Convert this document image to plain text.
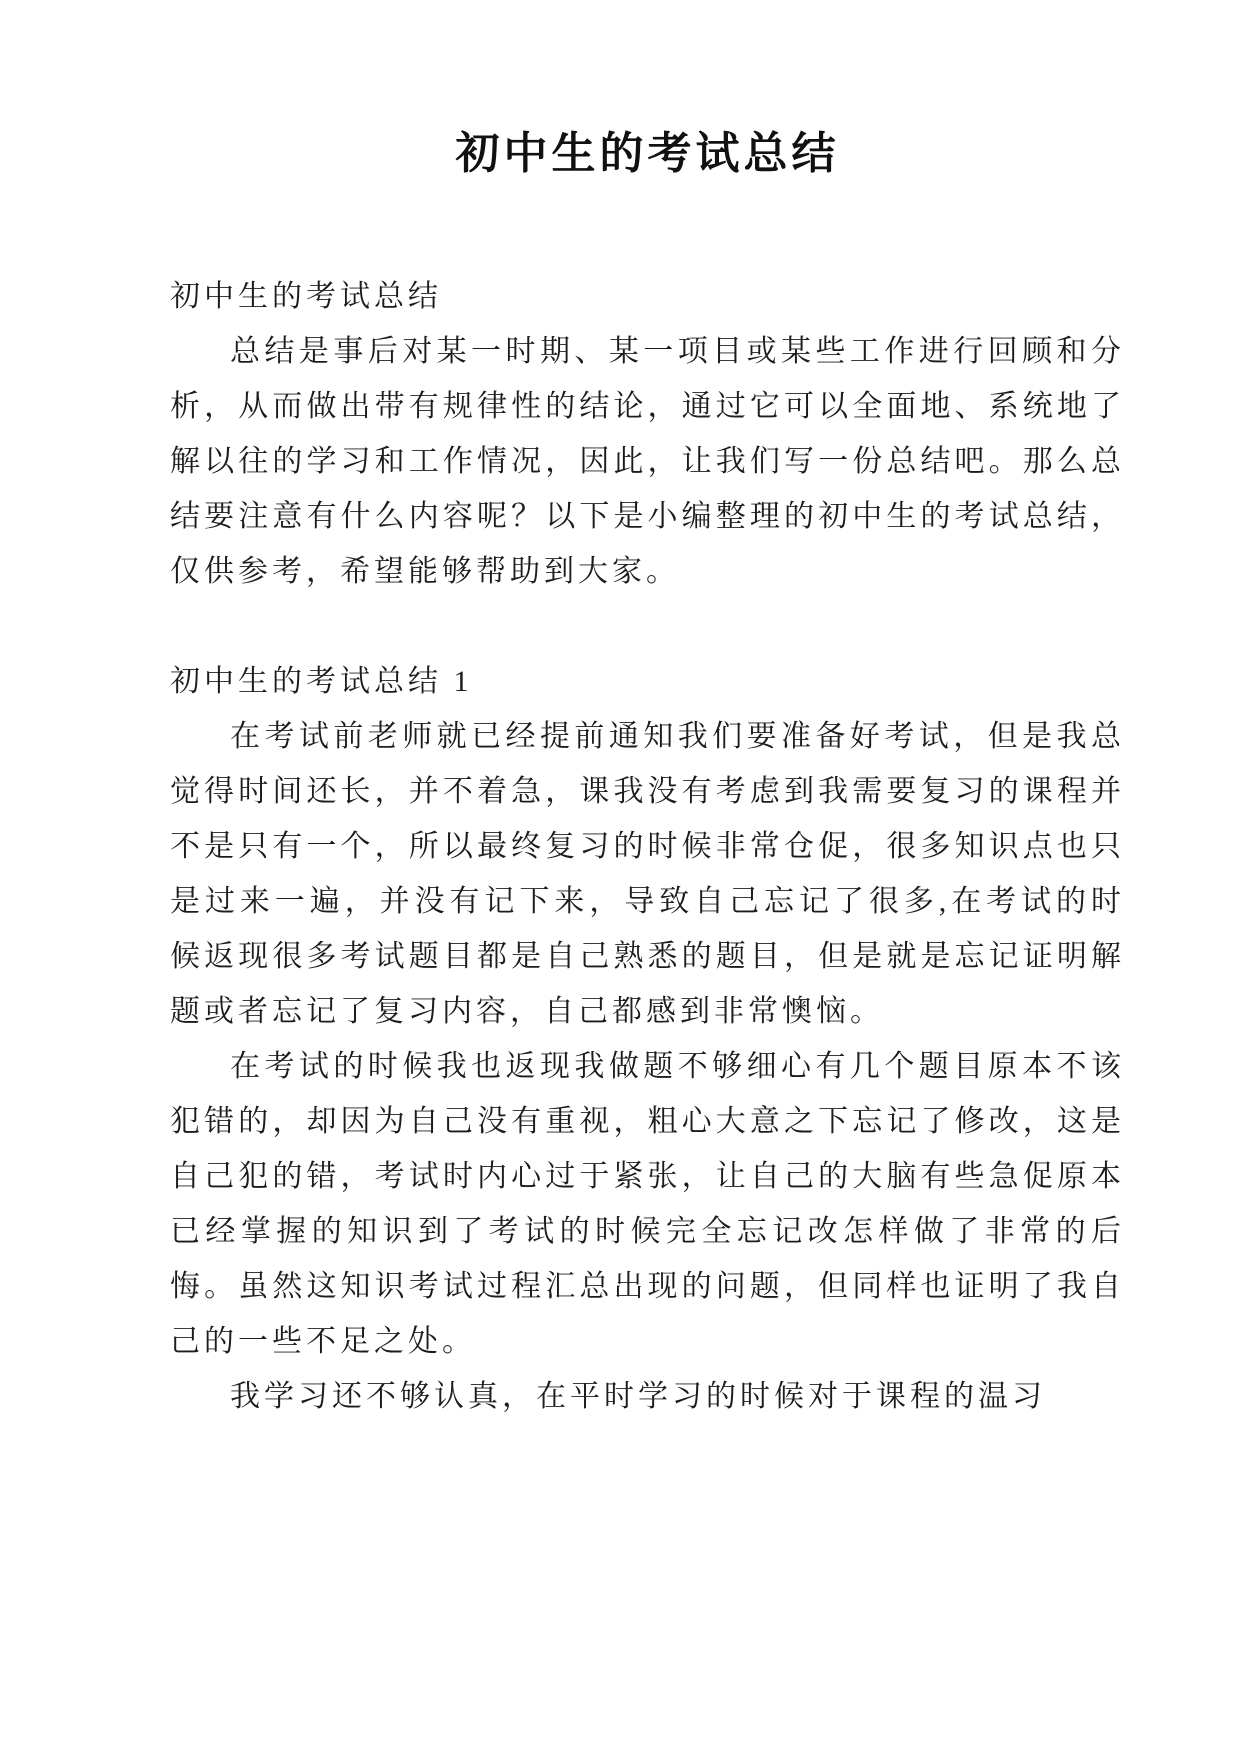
初中生的考试总结

初中生的考试总结

总结是事后对某一时期、某一项目或某些工作进行回顾和分析，从而做出带有规律性的结论，通过它可以全面地、系统地了解以往的学习和工作情况，因此，让我们写一份总结吧。那么总结要注意有什么内容呢？以下是小编整理的初中生的考试总结，仅供参考，希望能够帮助到大家。

初中生的考试总结 1

在考试前老师就已经提前通知我们要准备好考试，但是我总觉得时间还长，并不着急，课我没有考虑到我需要复习的课程并不是只有一个，所以最终复习的时候非常仓促，很多知识点也只是过来一遍，并没有记下来，导致自己忘记了很多,在考试的时候返现很多考试题目都是自己熟悉的题目，但是就是忘记证明解题或者忘记了复习内容，自己都感到非常懊恼。

在考试的时候我也返现我做题不够细心有几个题目原本不该犯错的，却因为自己没有重视，粗心大意之下忘记了修改，这是自己犯的错，考试时内心过于紧张，让自己的大脑有些急促原本已经掌握的知识到了考试的时候完全忘记改怎样做了非常的后悔。虽然这知识考试过程汇总出现的问题，但同样也证明了我自己的一些不足之处。

我学习还不够认真，在平时学习的时候对于课程的温习
